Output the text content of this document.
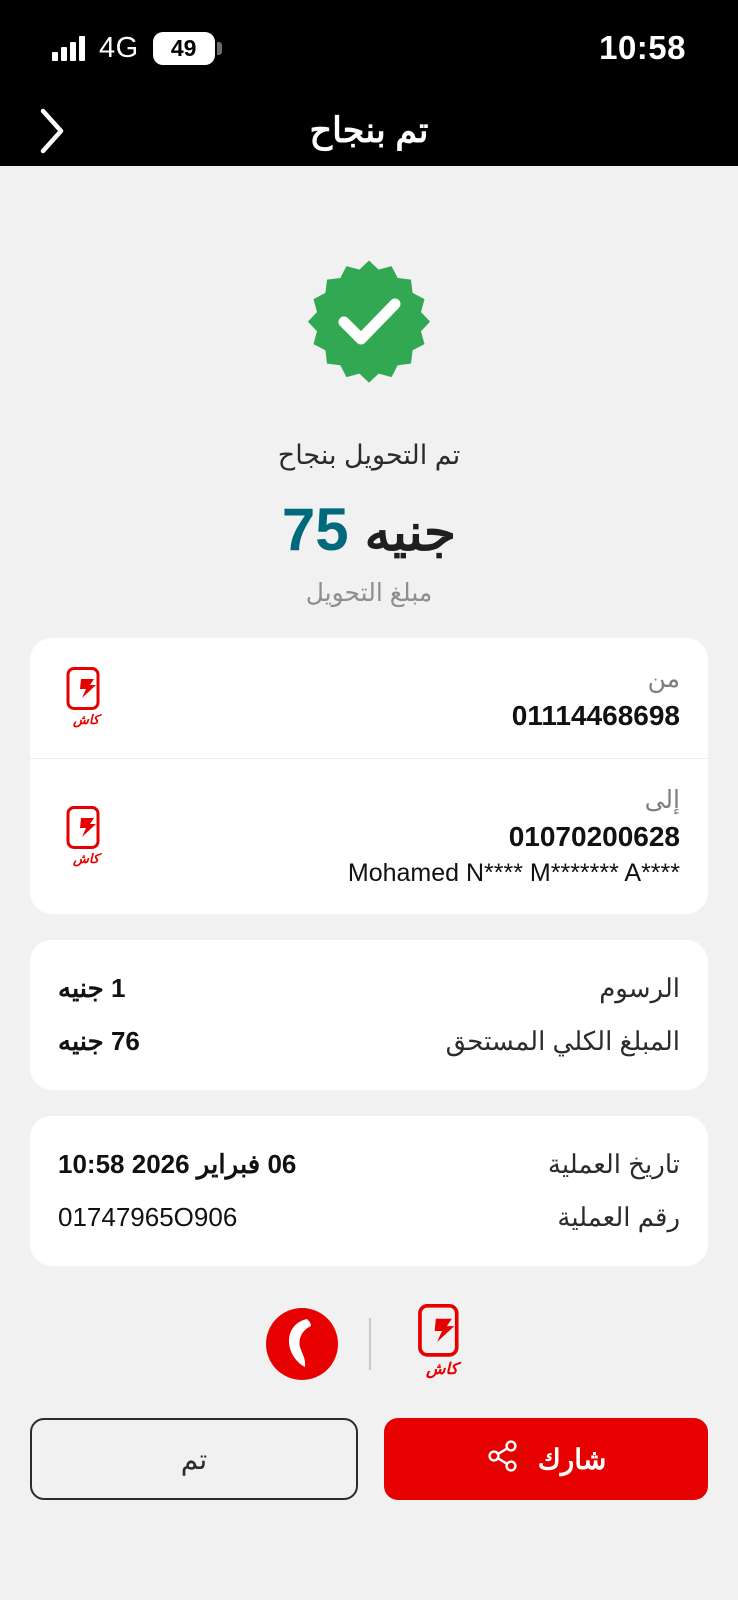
10:58
4G 49
تم بنجاح
تم التحويل بنجاح
جنيه
75
مبلغ التحويل
من
01114468698
كاش
إلى
01070200628
Mohamed N**** M******* A****
كاش
الرسوم
1 جنيه
المبلغ الكلي المستحق
76 جنيه
تاريخ العملية
06 فبراير 2026 10:58
رقم العملية
01747965O906
كاش
شارك
تم
